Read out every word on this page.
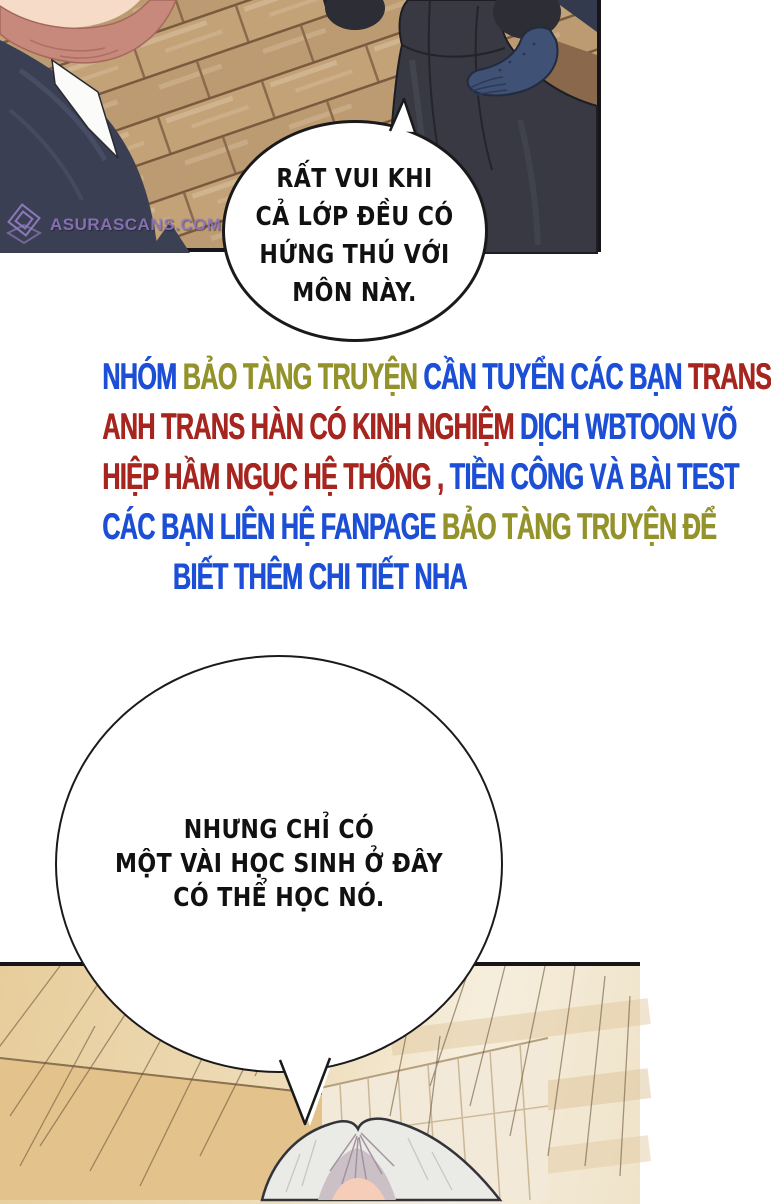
ASURASCANS.COM
RẤT VUI KHI
CẢ LỚP ĐỀU CÓ
HỨNG THÚ VỚI
MÔN NÀY.
NHÓM BẢO TÀNG TRUYỆN CẦN TUYỂN CÁC BẠN TRANS
ANH TRANS HÀN CÓ KINH NGHIỆM DỊCH WBTOON VÕ
HIỆP HẦM NGỤC HỆ THỐNG , TIỀN CÔNG VÀ BÀI TEST
CÁC BẠN LIÊN HỆ FANPAGE BẢO TÀNG TRUYỆN ĐỂ
BIẾT THÊM CHI TIẾT NHA
NHƯNG CHỈ CÓ
MỘT VÀI HỌC SINH Ở ĐÂY
CÓ THỂ HỌC NÓ.
